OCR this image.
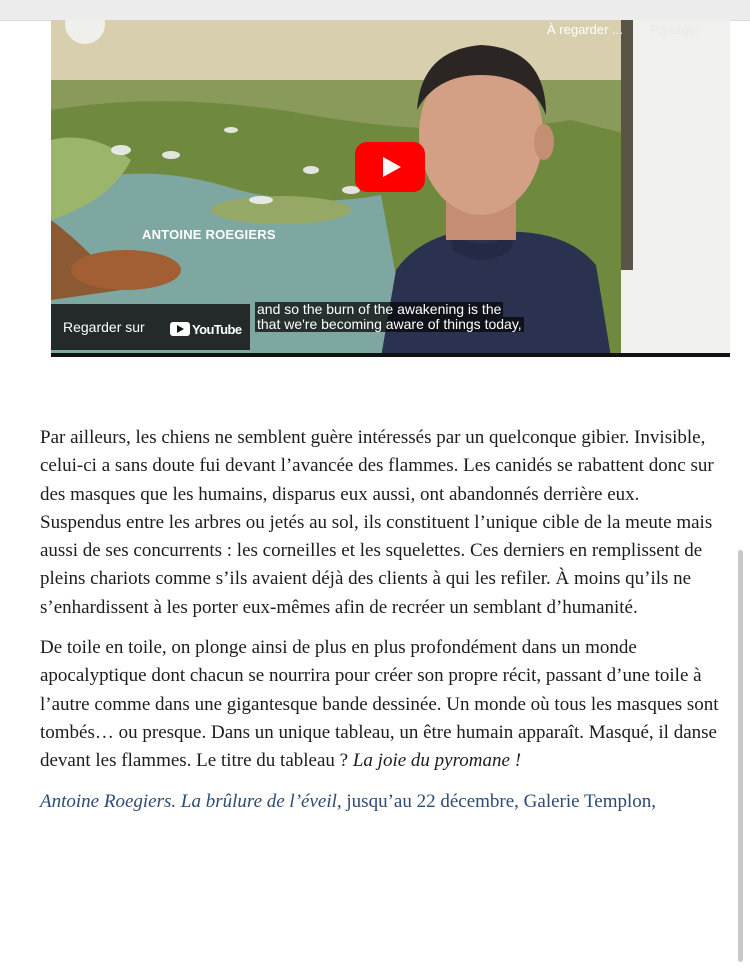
À regarder ... Partager
ANTOINE ROEGIERS
and so the burn of the awakening is the
that we're becoming aware of things today,
Regarder sur	YouTube

Par ailleurs, les chiens ne semblent guère intéressés par un quelconque gibier. Invisible, celui-ci a sans doute fui devant l’avancée des flammes. Les canidés se rabattent donc sur des masques que les humains, disparus eux aussi, ont abandonnés derrière eux. Suspendus entre les arbres ou jetés au sol, ils constituent l’unique cible de la meute mais aussi de ses concurrents : les corneilles et les squelettes. Ces derniers en remplissent de pleins chariots comme s’ils avaient déjà des clients à qui les refiler. À moins qu’ils ne s’enhardissent à les porter eux-mêmes afin de recréer un semblant d’humanité.

De toile en toile, on plonge ainsi de plus en plus profondément dans un monde apocalyptique dont chacun se nourrira pour créer son propre récit, passant d’une toile à l’autre comme dans une gigantesque bande dessinée. Un monde où tous les masques sont tombés… ou presque. Dans un unique tableau, un être humain apparaît. Masqué, il danse devant les flammes. Le titre du tableau ? La joie du pyromane !

Antoine Roegiers. La brûlure de l’éveil, jusqu’au 22 décembre, Galerie Templon,
